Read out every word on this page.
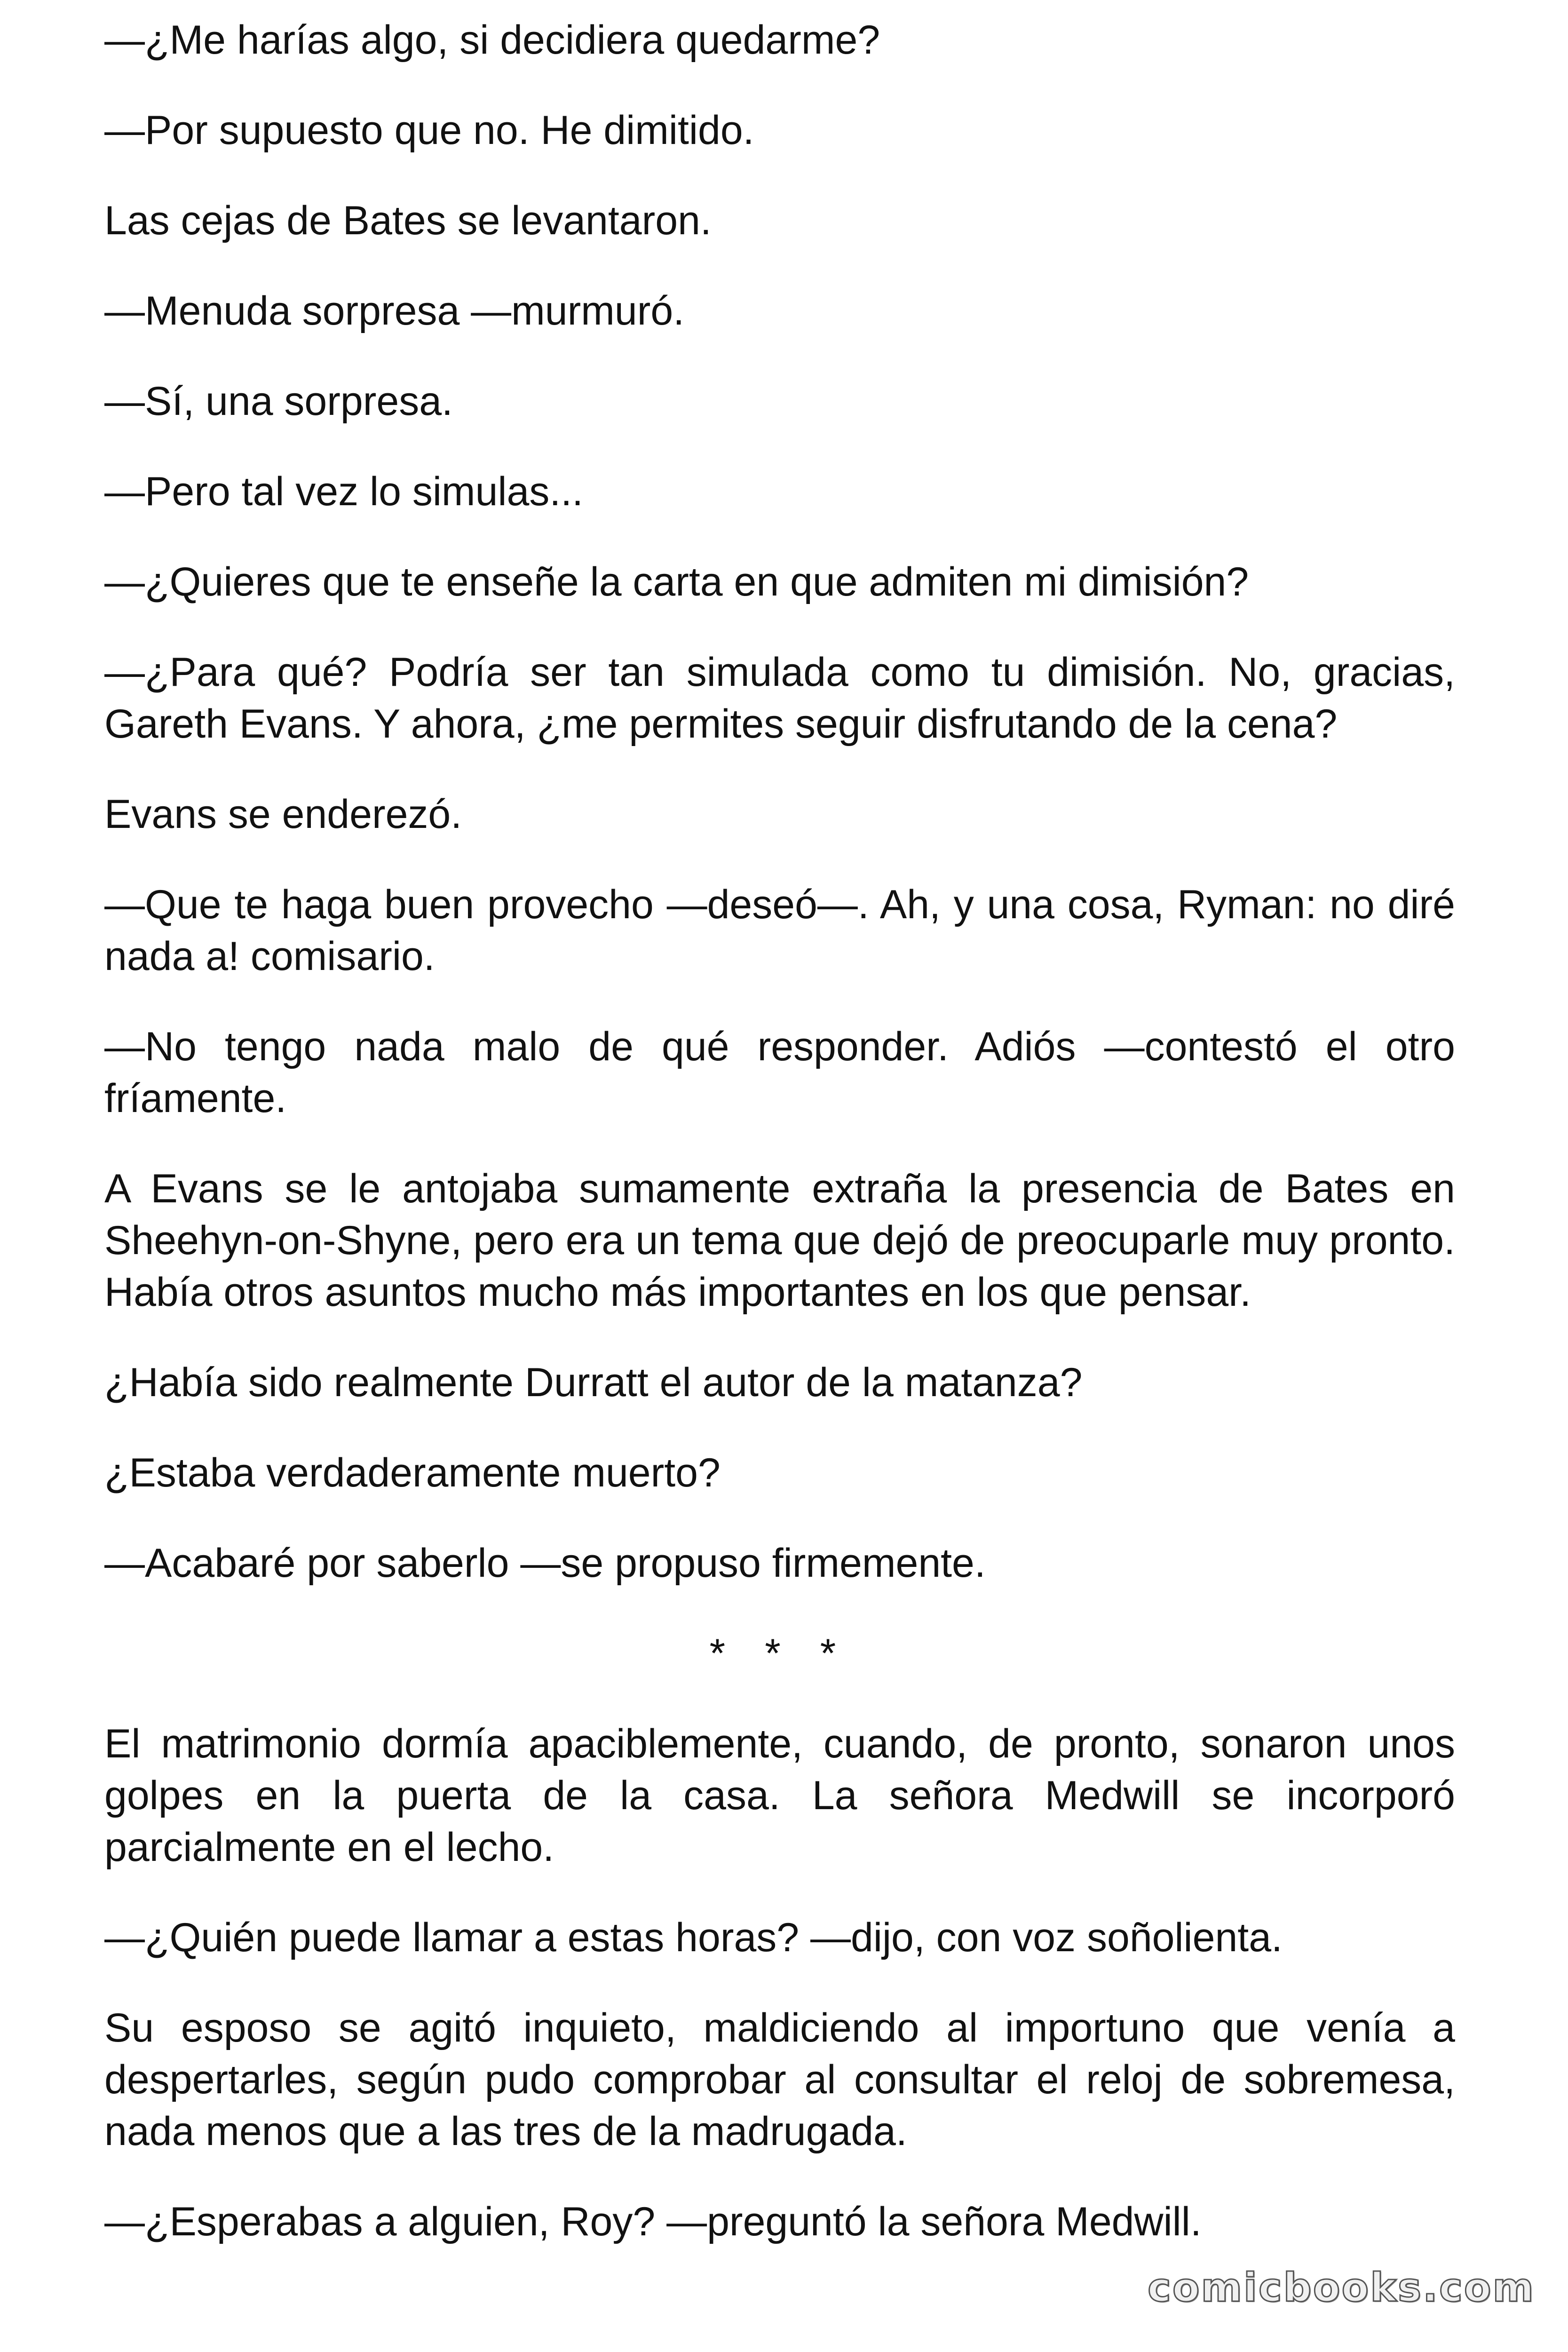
—¿Me harías algo, si decidiera quedarme?

—Por supuesto que no. He dimitido.

Las cejas de Bates se levantaron.

—Menuda sorpresa —murmuró.

—Sí, una sorpresa.

—Pero tal vez lo simulas...

—¿Quieres que te enseñe la carta en que admiten mi dimisión?

—¿Para qué? Podría ser tan simulada como tu dimisión. No, gracias, Gareth Evans. Y ahora, ¿me permites seguir disfrutando de la cena?

Evans se enderezó.

—Que te haga buen provecho —deseó—. Ah, y una cosa, Ryman: no diré nada a! comisario.

—No tengo nada malo de qué responder. Adiós —contestó el otro fríamente.

A Evans se le antojaba sumamente extraña la presencia de Bates en Sheehyn-on-Shyne, pero era un tema que dejó de preocuparle muy pronto. Había otros asuntos mucho más importantes en los que pensar.

¿Había sido realmente Durratt el autor de la matanza?

¿Estaba verdaderamente muerto?

—Acabaré por saberlo —se propuso firmemente.

* * *

El matrimonio dormía apaciblemente, cuando, de pronto, sonaron unos golpes en la puerta de la casa. La señora Medwill se incorporó parcialmente en el lecho.

—¿Quién puede llamar a estas horas? —dijo, con voz soñolienta.

Su esposo se agitó inquieto, maldiciendo al importuno que venía a despertarles, según pudo comprobar al consultar el reloj de sobremesa, nada menos que a las tres de la madrugada.

—¿Esperabas a alguien, Roy? —preguntó la señora Medwill.

comicbooks.com
